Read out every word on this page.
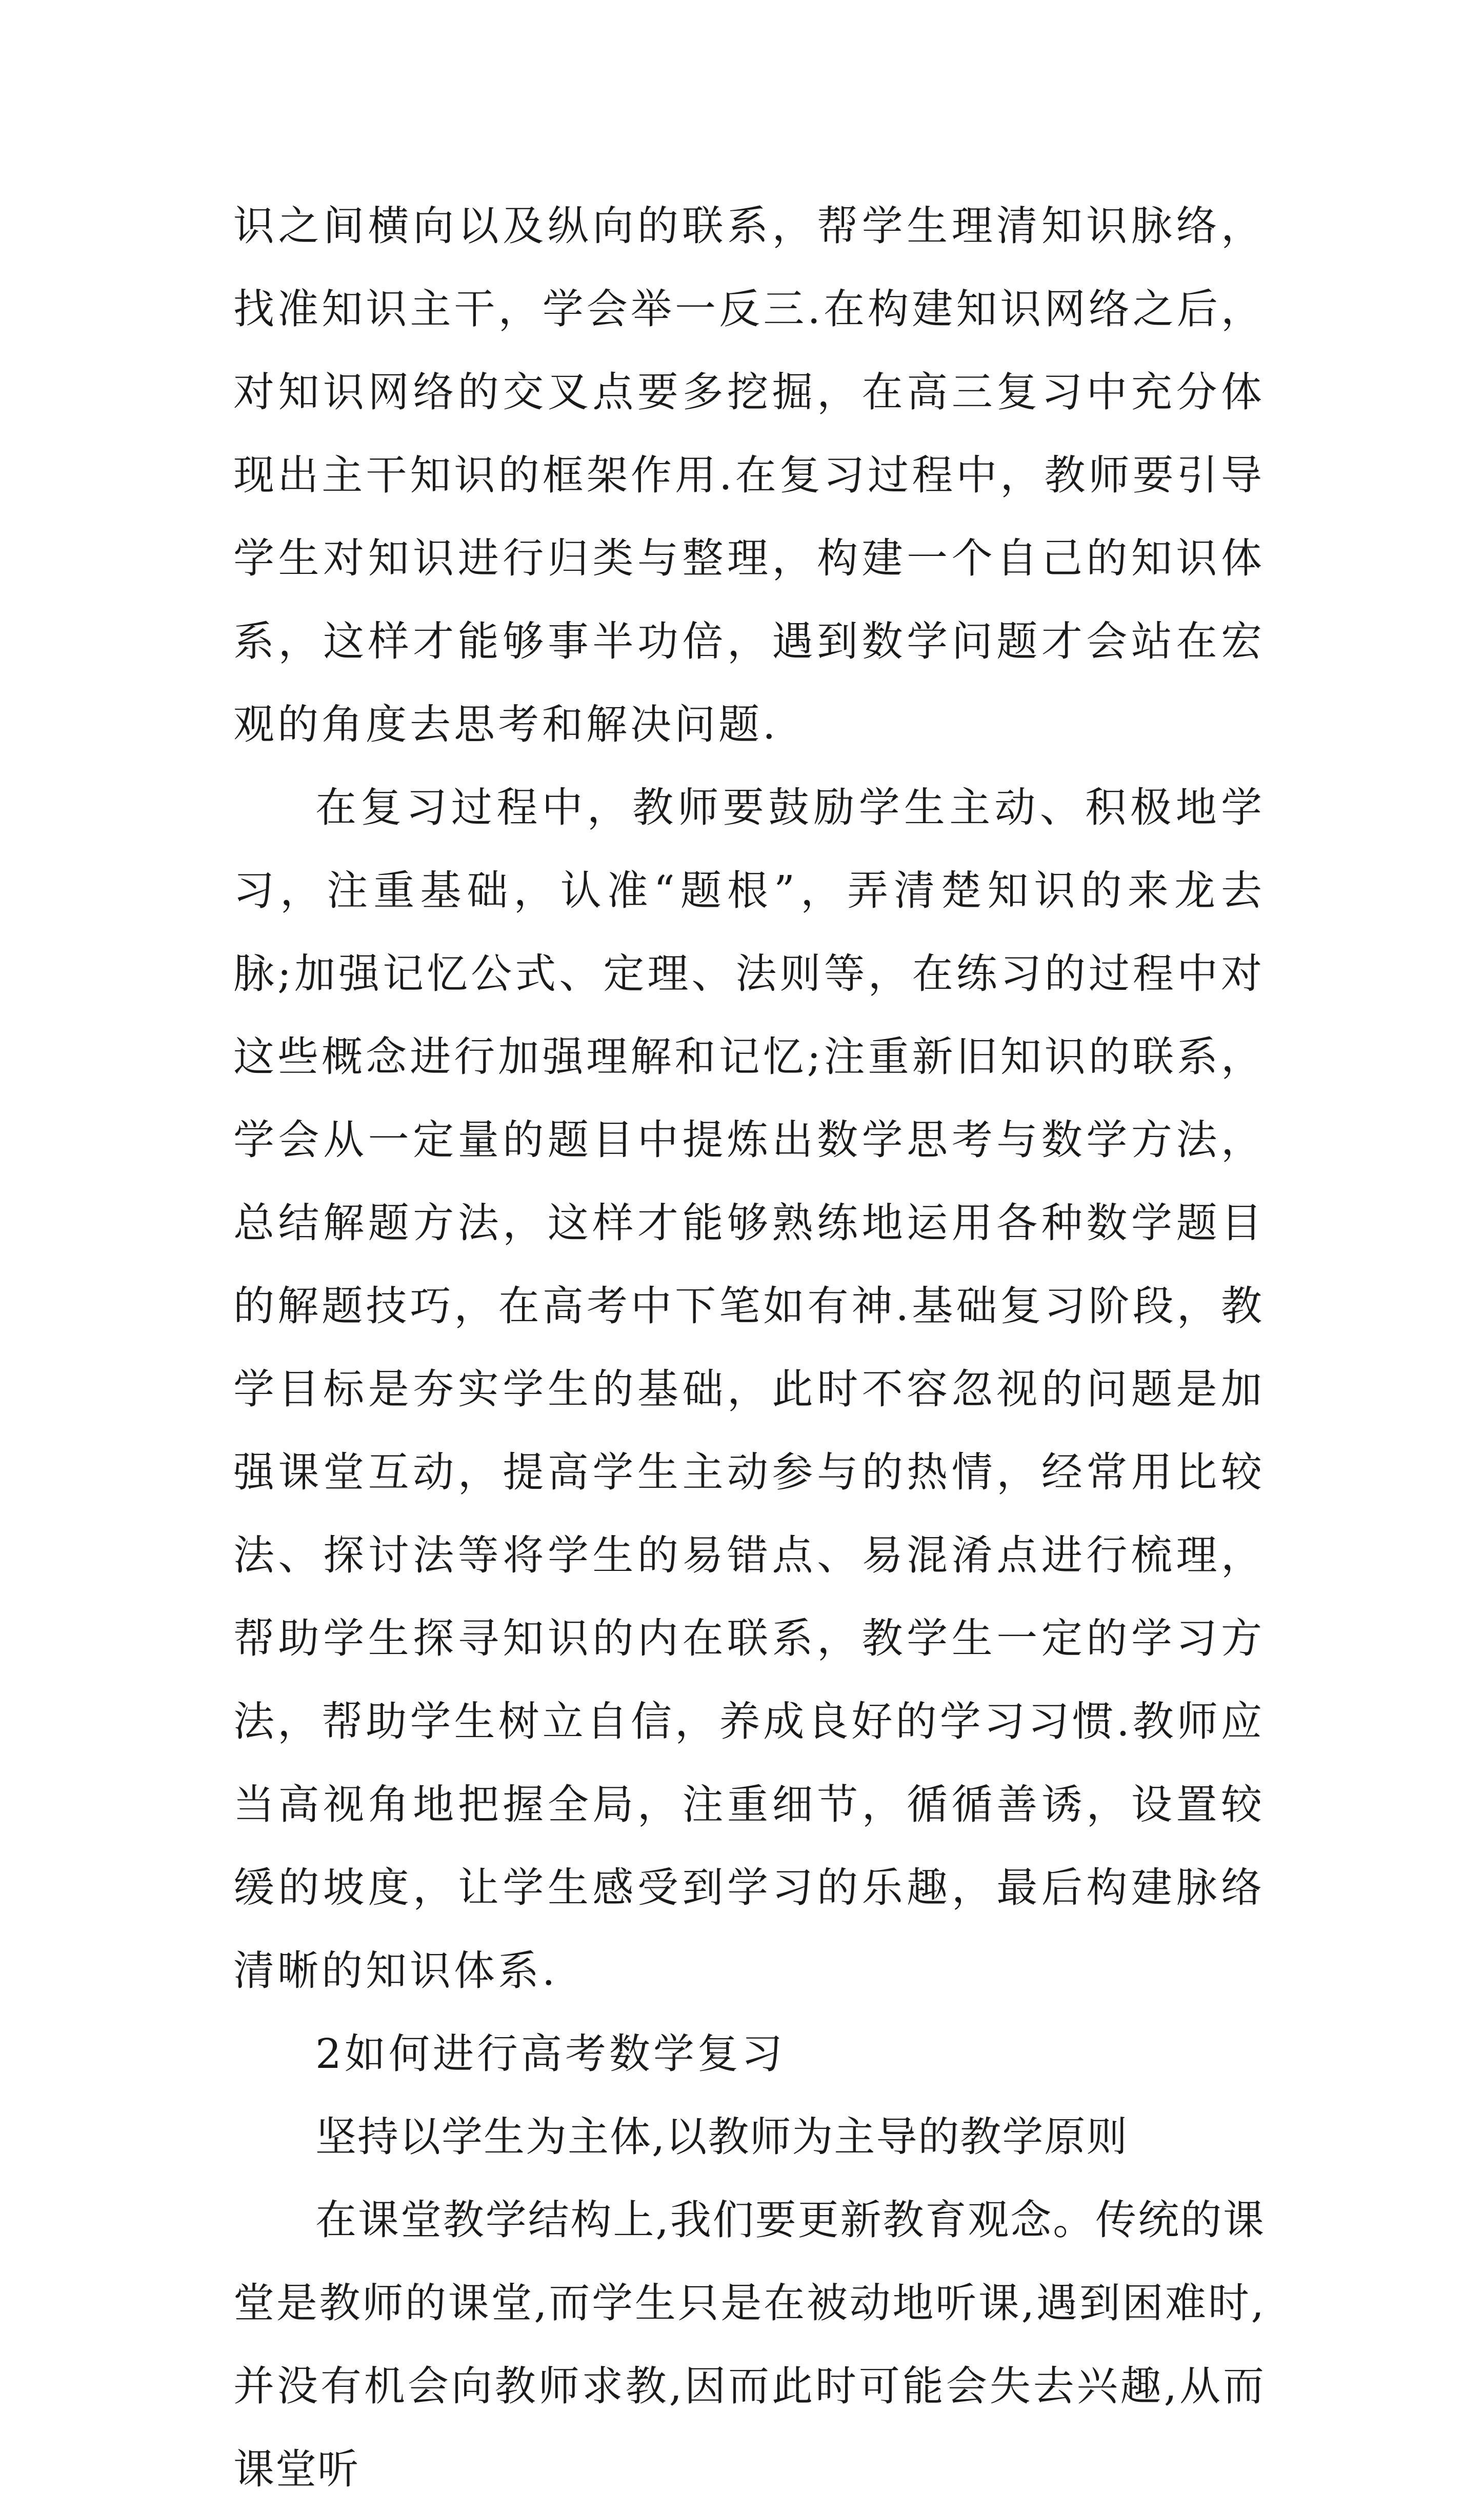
识之间横向以及纵向的联系，帮学生理清知识脉络，找准知识主干，学会举一反三.在构建知识网络之后，对知识网络的交叉点要多挖掘，在高三复习中充分体现出主干知识的框架作用.在复习过程中，教师要引导学生对知识进行归类与整理，构建一个自己的知识体系，这样才能够事半功倍，遇到数学问题才会站在宏观的角度去思考和解决问题.

在复习过程中，教师要鼓励学生主动、积极地学习，注重基础，认准“题根”，弄清楚知识的来龙去脉;加强记忆公式、定理、法则等，在练习的过程中对这些概念进行加强理解和记忆;注重新旧知识的联系，学会从一定量的题目中提炼出数学思考与数学方法，总结解题方法，这样才能够熟练地运用各种数学题目的解题技巧，在高考中下笔如有神.基础复习阶段，教学目标是夯实学生的基础，此时不容忽视的问题是加强课堂互动，提高学生主动参与的热情，经常用比较法、探讨法等将学生的易错点、易混淆点进行梳理，帮助学生探寻知识的内在联系，教学生一定的学习方法，帮助学生树立自信，养成良好的学习习惯.教师应当高视角地把握全局，注重细节，循循善诱，设置较缓的坡度，让学生感受到学习的乐趣，最后构建脉络清晰的知识体系.

2如何进行高考数学复习

坚持以学生为主体,以教师为主导的教学原则

在课堂教学结构上,我们要更新教育观念。传统的课堂是教师的课堂,而学生只是在被动地听课,遇到困难时,并没有机会向教师求教,因而此时可能会失去兴趣,从而课堂听
